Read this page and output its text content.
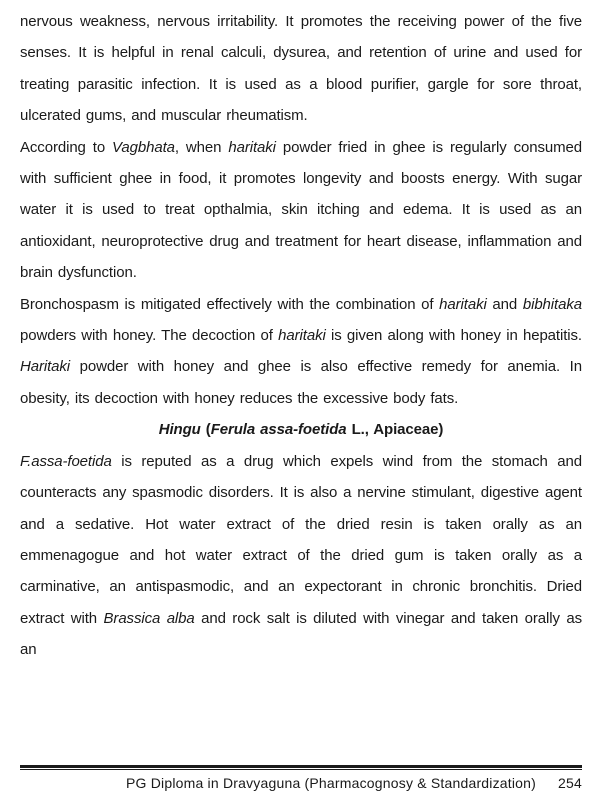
nervous weakness, nervous irritability. It promotes the receiving power of the five senses. It is helpful in renal calculi, dysurea, and retention of urine and used for treating parasitic infection. It is used as a blood purifier, gargle for sore throat, ulcerated gums, and muscular rheumatism.

According to Vagbhata, when haritaki powder fried in ghee is regularly consumed with sufficient ghee in food, it promotes longevity and boosts energy. With sugar water it is used to treat opthalmia, skin itching and edema. It is used as an antioxidant, neuroprotective drug and treatment for heart disease, inflammation and brain dysfunction.

Bronchospasm is mitigated effectively with the combination of haritaki and bibhitaka powders with honey. The decoction of haritaki is given along with honey in hepatitis. Haritaki powder with honey and ghee is also effective remedy for anemia. In obesity, its decoction with honey reduces the excessive body fats.

Hingu (Ferula assa-foetida L., Apiaceae)

F.assa-foetida is reputed as a drug which expels wind from the stomach and counteracts any spasmodic disorders. It is also a nervine stimulant, digestive agent and a sedative. Hot water extract of the dried resin is taken orally as an emmenagogue and hot water extract of the dried gum is taken orally as a carminative, an antispasmodic, and an expectorant in chronic bronchitis. Dried extract with Brassica alba and rock salt is diluted with vinegar and taken orally as an

PG Diploma in Dravyaguna (Pharmacognosy & Standardization) 254
